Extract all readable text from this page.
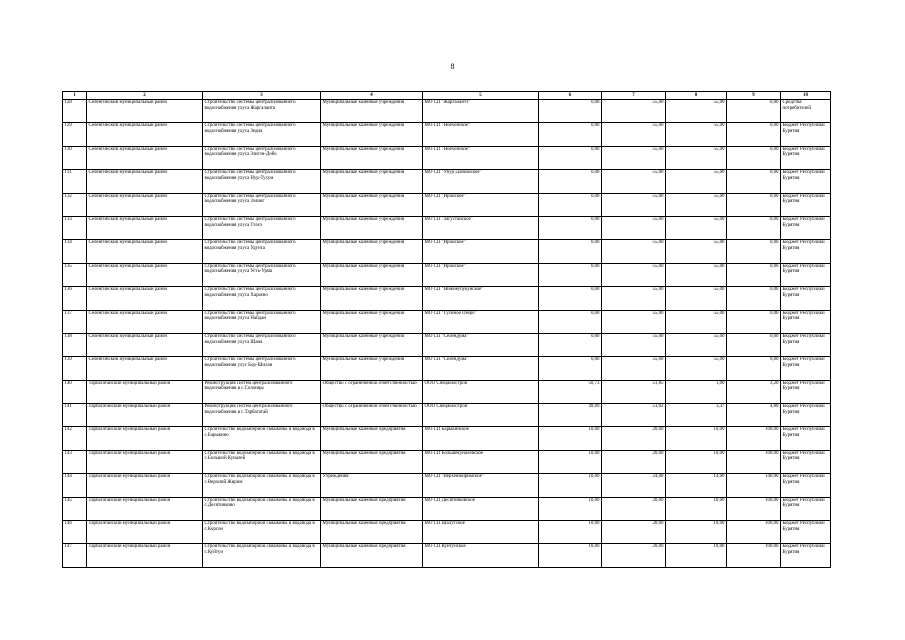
8
1	2	3	4	5	6	7	8	9	10
128	Селенгинский муниципальный район	Строительство системы централизованного водоснабжения улуса Жаргаланта	Муниципальные казенные учреждения	МО СП "Жаргалантэ"	0,00	55,00	55,00	0,00	Средства потребителей
129	Селенгинский муниципальный район	Строительство системы централизованного водоснабжения улуса Зедна	Муниципальные казенные учреждения	МО СП "Ноехонское"	0,00	55,00	55,00	0,00	Бюджет Республики Бурятия
130	Селенгинский муниципальный район	Строительство системы централизованного водоснабжения улуса Зэнгэн-Добо	Муниципальные казенные учреждения	МО СП "Ноехонское"	0,00	55,00	55,00	0,00	Бюджет Республики Бурятия
131	Селенгинский муниципальный район	Строительство системы централизованного водоснабжения улуса Нур-Тухум	Муниципальные казенные учреждения	МО СП "Убур-Дзокойское"	0,00	55,00	55,00	0,00	Бюджет Республики Бурятия
132	Селенгинский муниципальный район	Строительство системы централизованного водоснабжения улуса Зэлинг	Муниципальные казенные учреждения	МО СП "Иройское"	0,00	55,00	55,00	0,00	Бюджет Республики Бурятия
133	Селенгинский муниципальный район	Строительство системы централизованного водоснабжения улуса Тээхэ	Муниципальные казенные учреждения	МО СП "Загустайское"	0,00	55,00	55,00	0,00	Бюджет Республики Бурятия
134	Селенгинский муниципальный район	Строительство системы централизованного водоснабжения улуса Удунга	Муниципальные казенные учреждения	МО СП "Иройское"	0,00	55,00	55,00	0,00	Бюджет Республики Бурятия
135	Селенгинский муниципальный район	Строительство системы централизованного водоснабжения улуса Усть-Урма	Муниципальные казенные учреждения	МО СП "Иройское"	0,00	55,00	55,00	0,00	Бюджет Республики Бурятия
136	Селенгинский муниципальный район	Строительство системы централизованного водоснабжения улуса Хараєно	Муниципальные казенные учреждения	МО СП "Нижнеубукунское"	0,00	55,00	55,00	0,00	Бюджет Республики Бурятия
137	Селенгинский муниципальный район	Строительство системы централизованного водоснабжения улуса Найдан	Муниципальные казенные учреждения	МО СП "Гусиное Озеро"	0,00	55,00	55,00	0,00	Бюджет Республики Бурятия
138	Селенгинский муниципальный район	Строительство системы централизованного водоснабжения улуса Шана	Муниципальные казенные учреждения	МО СП "Селендума"	0,00	55,00	55,00	0,00	Бюджет Республики Бурятия
139	Селенгинский муниципальный район	Строительство системы централизованного водоснабжения улус Бор-Шилан	Муниципальные казенные учреждения	МО СП "Селендума"	0,00	55,00	55,00	0,00	Бюджет Республики Бурятия
140	Тарбагатайский муниципальный район	Реконструкция систем централизованного водоснабжения в с.Солонцы	Общество с ограниченной ответственностью	ООО Спецжилстрой	50,73	51,85	1,00	3,20	Бюджет Республики Бурятия
141	Тарбагатайский муниципальный район	Реконструкция систем централизованного водоснабжения в с.Тарбагатай	Общество с ограниченной ответственностью	ООО Спецжилстрой	49,09	51,02	3,37	4,80	Бюджет Республики Бурятия
142	Тарбагатайский муниципальный район	Строительство водозаборной скважины и водовода в с.Барыкино	Муниципальные казенные предприятия	МО СП Барыкинское	10,00	20,00	10,00	100,00	Бюджет Республики Бурятия
143	Тарбагатайский муниципальный район	Строительство водозаборной скважины и водовода в с.Большой Куналей	Муниципальные казенные предприятия	МО СП Большекуналейское	10,00	20,00	10,00	100,00	Бюджет Республики Бурятия
144	Тарбагатайский муниципальный район	Строительство водозаборной скважины и водовода в с.Верхний Жирим	Учреждения	МО СП "Верхнежиримское"	10,00	24,00	14,00	140,00	Бюджет Республики Бурятия
145	Тарбагатайский муниципальный район	Строительство водозаборной скважины и водовода в с.Десятниково	Муниципальные казенные предприятия	МО СП Десятниковское	10,00	20,00	10,00	100,00	Бюджет Республики Бурятия
146	Тарбагатайский муниципальный район	Строительство водозаборной скважины и водовода в с.Корсон	Муниципальные казенные предприятия	МО СП Шалутское	10,00	20,00	10,00	100,00	Бюджет Республики Бурятия
147	Тарбагатайский муниципальный район	Строительство водозаборной скважины и водовода в с.Куйтун	Муниципальные казенные предприятия	МО СП Куйтунское	10,00	20,00	10,00	100,00	Бюджет Республики Бурятия
